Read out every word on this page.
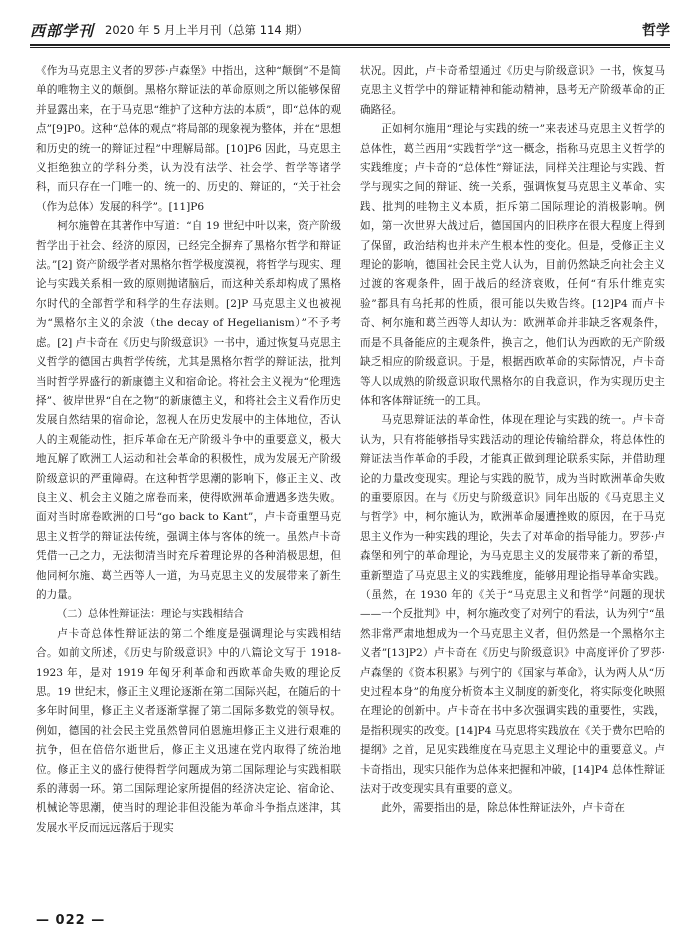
西部学刊 2020 年 5 月上半月刊（总第 114 期）	哲学

《作为马克思主义者的罗莎·卢森堡》中指出，这种“颠倒”不是简单的唯物主义的颠倒。黑格尔辩证法的革命原则之所以能够保留并显露出来，在于马克思“维护了这种方法的本质”，即“总体的观点”[9]P0。这种“总体的观点”将局部的现象视为整体，并在“思想和历史的统一的辩证过程”中理解局部。[10]P6 因此，马克思主义拒绝独立的学科分类，认为没有法学、社会学、哲学等诸学科，而只存在一门唯一的、统一的、历史的、辩证的，“关于社会（作为总体）发展的科学”。[11]P6

柯尔施曾在其著作中写道：“自 19 世纪中叶以来，资产阶级哲学出于社会、经济的原因，已经完全摒弃了黑格尔哲学和辩证法。”[2] 资产阶级学者对黑格尔哲学极度漠视，将哲学与现实、理论与实践关系相一致的原则抛诸脑后，而这种关系却构成了黑格尔时代的全部哲学和科学的生存法则。[2]P 马克思主义也被视为“黑格尔主义的余波（the decay of Hegelianism）”不予考虑。[2] 卢卡奇在《历史与阶级意识》一书中，通过恢复马克思主义哲学的德国古典哲学传统，尤其是黑格尔哲学的辩证法，批判当时哲学界盛行的新康德主义和宿命论。将社会主义视为“伦理选择”、彼岸世界“自在之物”的新康德主义，和将社会主义看作历史发展自然结果的宿命论，忽视人在历史发展中的主体地位，否认人的主观能动性，拒斥革命在无产阶级斗争中的重要意义，极大地瓦解了欧洲工人运动和社会革命的积极性，成为发展无产阶级阶级意识的严重障碍。在这种哲学思潮的影响下，修正主义、改良主义、机会主义随之席卷而来，使得欧洲革命遭遇多迭失败。面对当时席卷欧洲的口号“go back to Kant”，卢卡奇重塑马克思主义哲学的辩证法传统，强调主体与客体的统一。虽然卢卡奇凭借一己之力，无法彻清当时充斥着理论界的各种消极思想，但他同柯尔施、葛兰西等人一道，为马克思主义的发展带来了新生的力量。

（二）总体性辩证法：理论与实践相结合

卢卡奇总体性辩证法的第二个维度是强调理论与实践相结合。如前文所述，《历史与阶级意识》中的八篇论文写于 1918-1923 年，是对 1919 年匈牙利革命和西欧革命失败的理论反思。19 世纪末，修正主义理论逐渐在第二国际兴起，在随后的十多年时间里，修正主义者逐渐掌握了第二国际多数党的领导权。例如，德国的社会民主党虽然曾同伯恩施坦修正主义进行艰难的抗争，但在倍倍尔逝世后，修正主义迅速在党内取得了统治地位。修正主义的盛行使得哲学问题成为第二国际理论与实践相联系的薄弱一环。第二国际理论家所提倡的经济决定论、宿命论、机械论等思潮，使当时的理论非但没能为革命斗争指点迷津，其发展水平反而远远落后于现实

状况。因此，卢卡奇希望通过《历史与阶级意识》一书，恢复马克思主义哲学中的辩证精神和能动精神，恳考无产阶级革命的正确路径。

正如柯尔施用“理论与实践的统一”来表述马克思主义哲学的总体性，葛兰西用“实践哲学”这一概念，指称马克思主义哲学的实践维度；卢卡奇的“总体性”辩证法，同样关注理论与实践、哲学与现实之间的辩证、统一关系，强调恢复马克思主义革命、实践、批判的哇物主义本质，拒斥第二国际理论的消极影响。例如，第一次世界大战过后，德国国内的旧秩序在很大程度上得到了保留，政治结构也并未产生根本性的变化。但是，受修正主义理论的影响，德国社会民主党人认为，目前仍然缺乏向社会主义过渡的客观条件，固于战后的经济衰败，任何“有乐什维克实验”都具有乌托邦的性质，很可能以失败告终。[12]P4 而卢卡奇、柯尔施和葛兰西等人却认为：欧洲革命并非缺乏客观条件，而是不具备能应的主观条件，换言之，他们认为西欧的无产阶级缺乏相应的阶级意识。于是，根据西欧革命的实际情况，卢卡奇等人以成熟的阶级意识取代黑格尔的自我意识，作为实现历史主体和客体辩证统一的工具。

马克思辩证法的革命性，体现在理论与实践的统一。卢卡奇认为，只有将能够指导实践活动的理论传输给群众，将总体性的辩证法当作革命的手段，才能真正做到理论联系实际，并借助理论的力量改变现实。理论与实践的脱节，成为当时欧洲革命失败的重要原因。在与《历史与阶级意识》同年出版的《马克思主义与哲学》中，柯尔施认为，欧洲革命屡遭挫败的原因，在于马克思主义作为一种实践的理论，失去了对革命的指导能力。罗莎·卢森堡和列宁的革命理论，为马克思主义的发展带来了新的希望，重新塑造了马克思主义的实践维度，能够用理论指导革命实践。（虽然，在 1930 年的《关于“马克思主义和哲学”问题的现状——一个反批判》中，柯尔施改变了对列宁的看法，认为列宁“虽然非常严肃地想成为一个马克思主义者，但仍然是一个黑格尔主义者”[13]P2）卢卡奇在《历史与阶级意识》中高度评价了罗莎·卢森堡的《资本积累》与列宁的《国家与革命》，认为两人从“历史过程本身”的角度分析资本主义制度的新变化，将实际变化映照在理论的创新中。卢卡奇在书中多次强调实践的重要性，实践，是指积现实的改变。[14]P4 马克思将实践放在《关于费尔巴哈的提纲》之首，足见实践维度在马克思主义理论中的重要意义。卢卡奇指出，现实只能作为总体来把握和冲破，[14]P4 总体性辩证法对于改变现实具有重要的意义。

此外，需要指出的是，除总体性辩证法外，卢卡奇在

— 022 —
